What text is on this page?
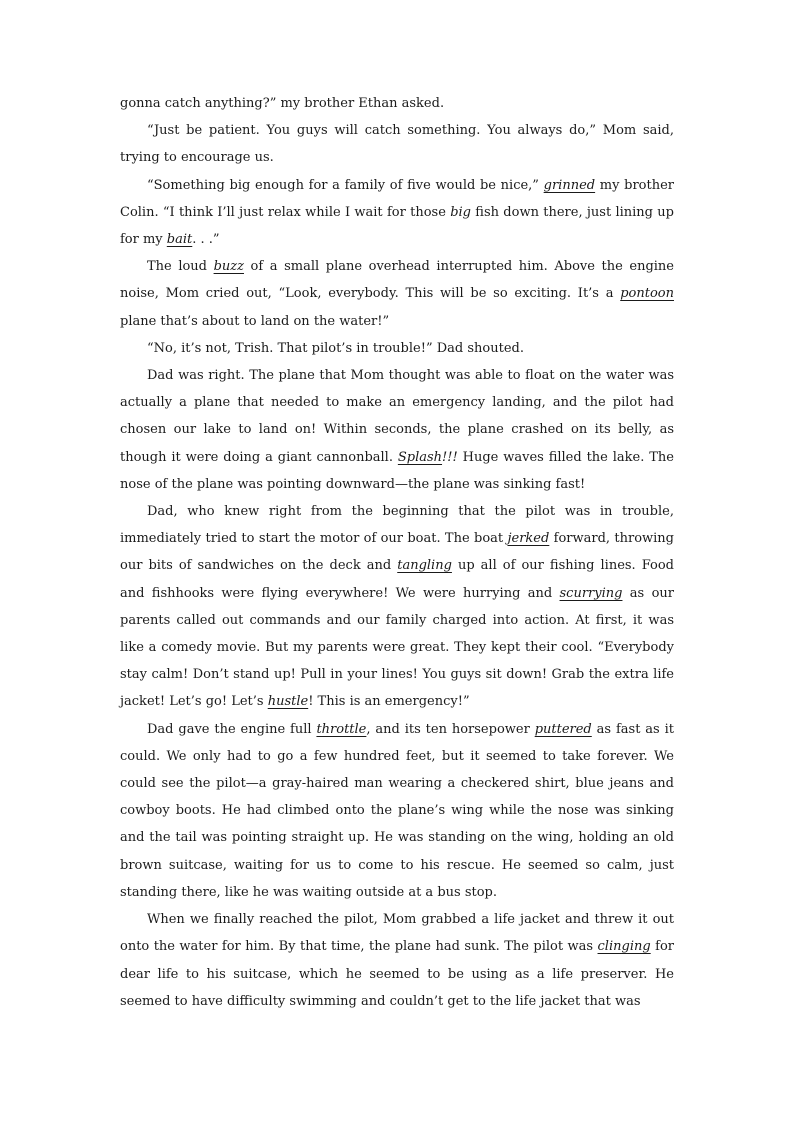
gonna catch anything?” my brother Ethan asked.

“Just be patient. You guys will catch something. You always do,” Mom said, trying to encourage us.

“Something big enough for a family of five would be nice,” grinned my brother Colin. “I think I’ll just relax while I wait for those big fish down there, just lining up for my bait. . .”

The loud buzz of a small plane overhead interrupted him. Above the engine noise, Mom cried out, “Look, everybody. This will be so exciting. It’s a pontoon plane that’s about to land on the water!”

“No, it’s not, Trish. That pilot’s in trouble!” Dad shouted.

Dad was right. The plane that Mom thought was able to float on the water was actually a plane that needed to make an emergency landing, and the pilot had chosen our lake to land on! Within seconds, the plane crashed on its belly, as though it were doing a giant cannonball. Splash!!! Huge waves filled the lake. The nose of the plane was pointing downward—the plane was sinking fast!

Dad, who knew right from the beginning that the pilot was in trouble, immediately tried to start the motor of our boat. The boat jerked forward, throwing our bits of sandwiches on the deck and tangling up all of our fishing lines. Food and fishhooks were flying everywhere! We were hurrying and scurrying as our parents called out commands and our family charged into action. At first, it was like a comedy movie. But my parents were great. They kept their cool. “Everybody stay calm! Don’t stand up! Pull in your lines! You guys sit down! Grab the extra life jacket! Let’s go! Let’s hustle! This is an emergency!”

Dad gave the engine full throttle, and its ten horsepower puttered as fast as it could. We only had to go a few hundred feet, but it seemed to take forever. We could see the pilot—a gray-haired man wearing a checkered shirt, blue jeans and cowboy boots. He had climbed onto the plane’s wing while the nose was sinking and the tail was pointing straight up. He was standing on the wing, holding an old brown suitcase, waiting for us to come to his rescue. He seemed so calm, just standing there, like he was waiting outside at a bus stop.

When we finally reached the pilot, Mom grabbed a life jacket and threw it out onto the water for him. By that time, the plane had sunk. The pilot was clinging for dear life to his suitcase, which he seemed to be using as a life preserver. He seemed to have difficulty swimming and couldn’t get to the life jacket that was
